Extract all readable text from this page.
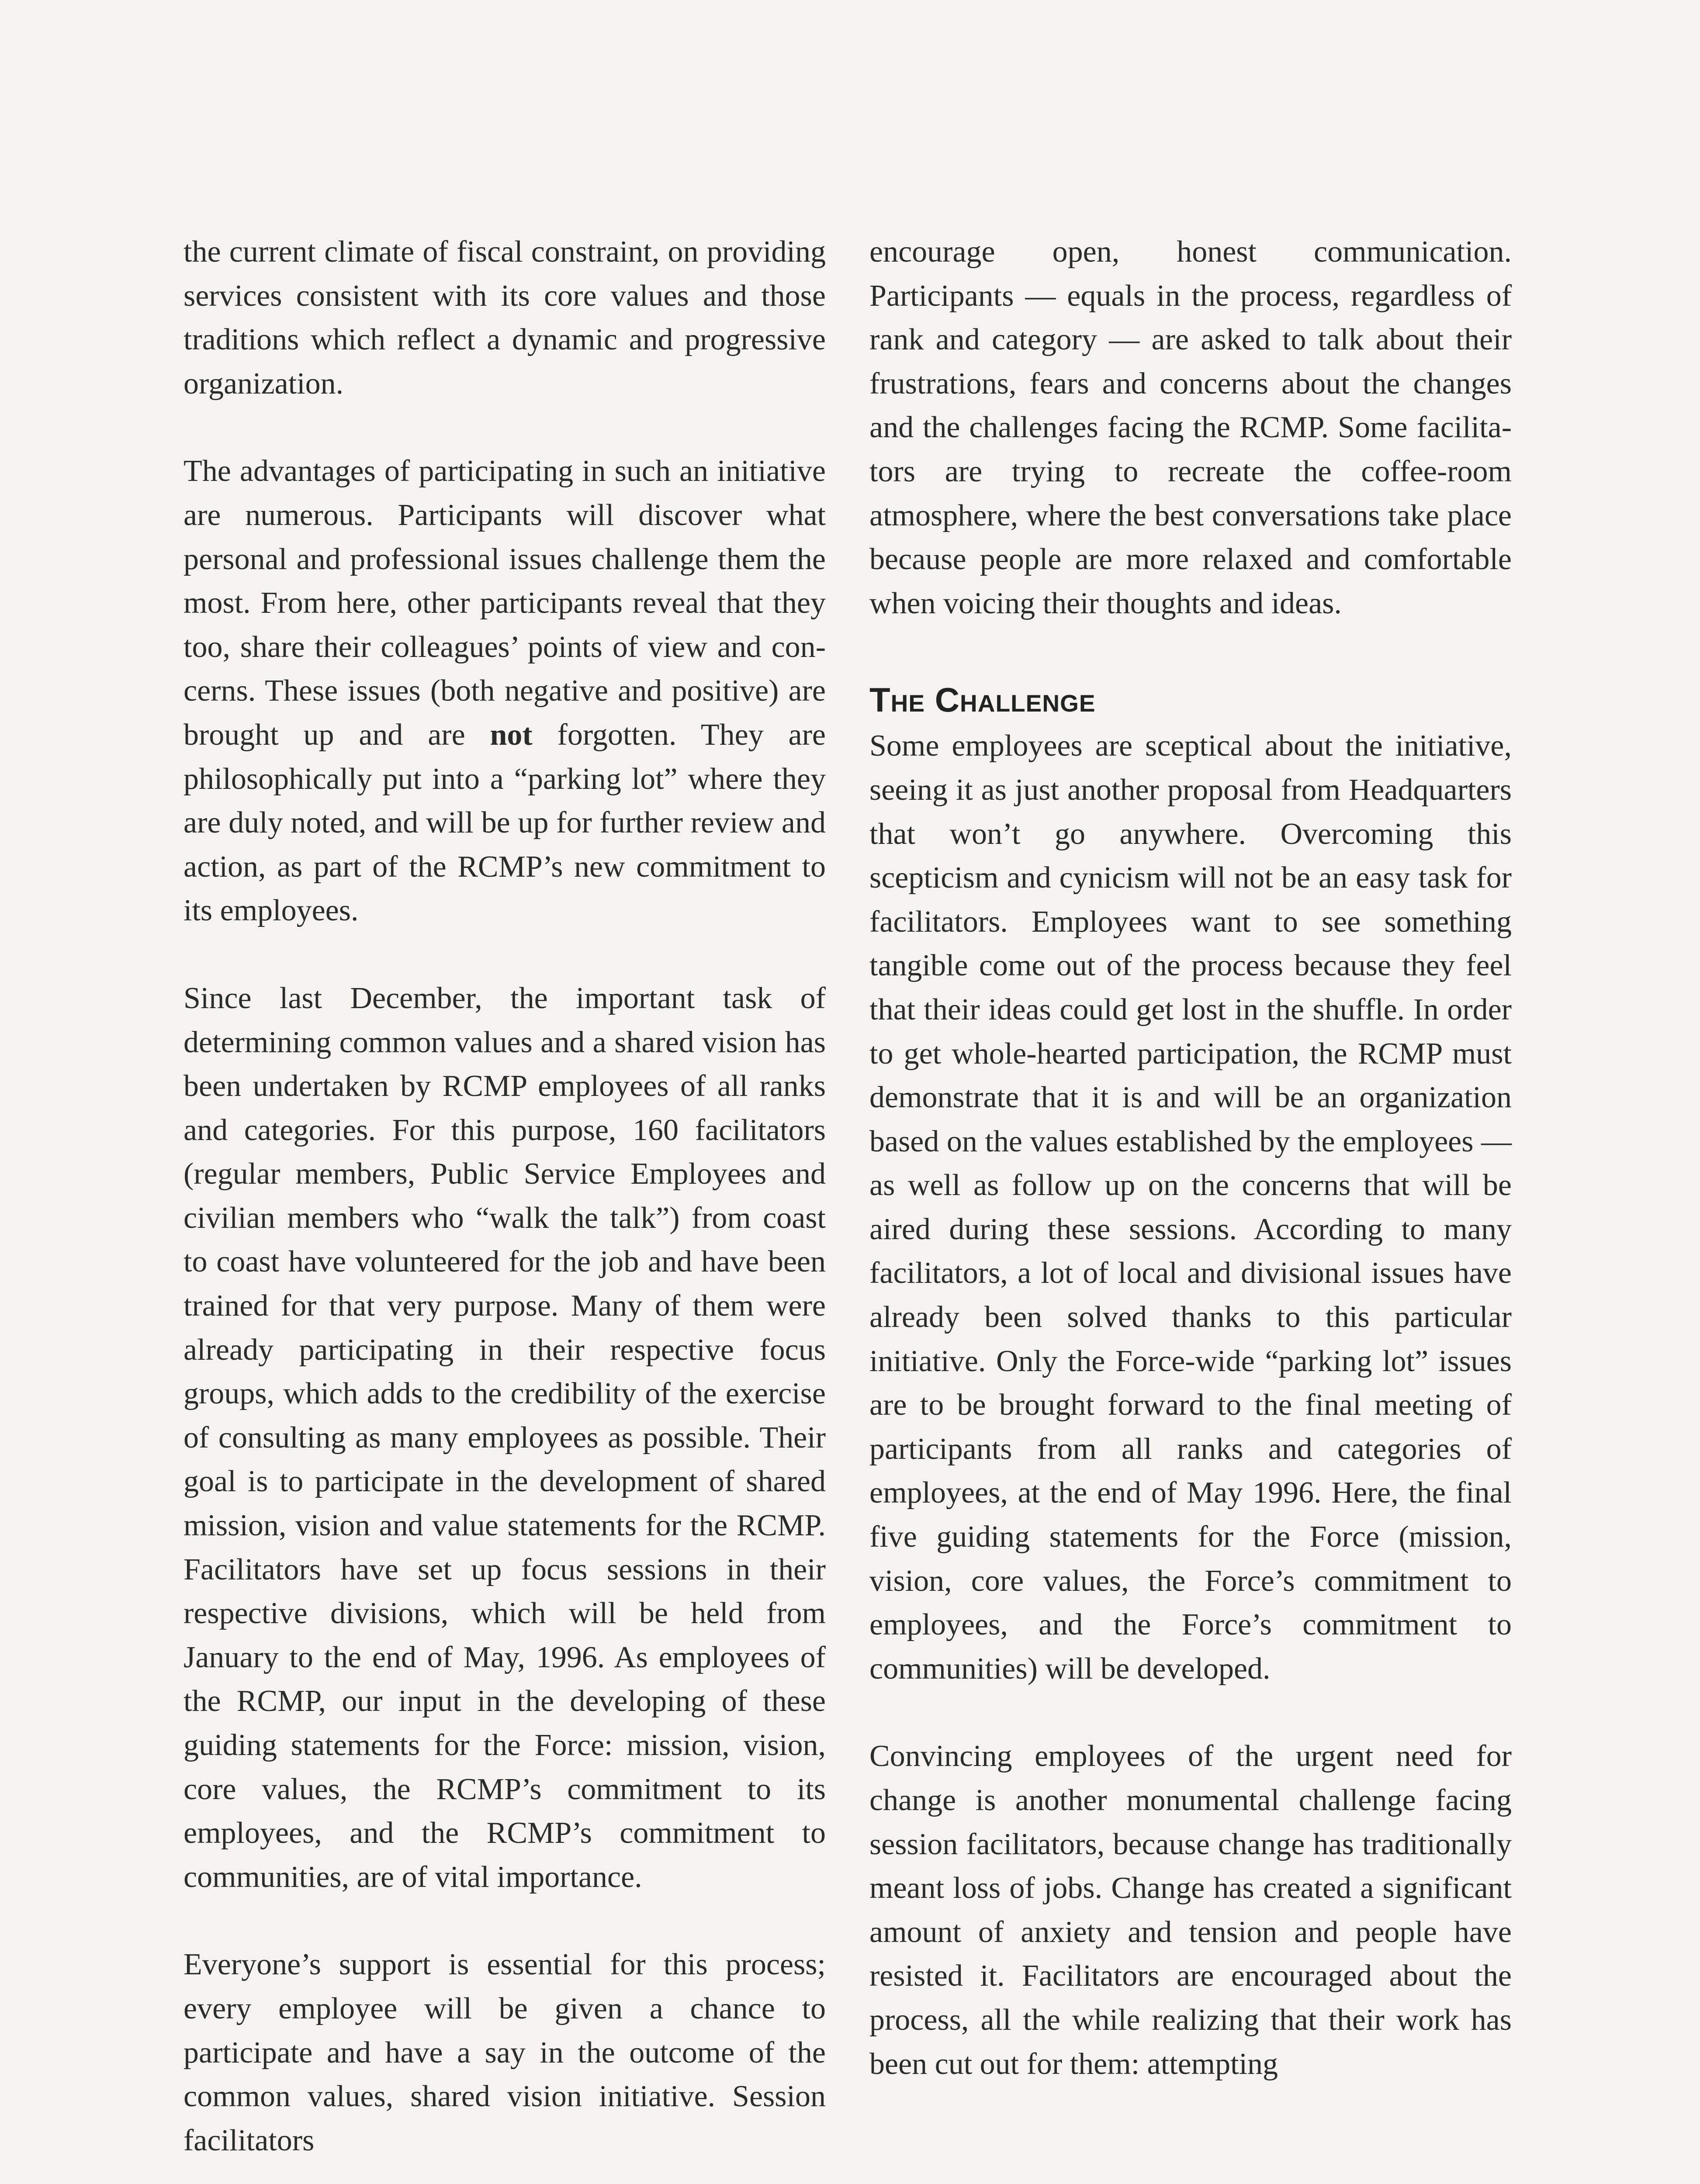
the current climate of fiscal constraint, on providing services consistent with its core values and those traditions which reflect a dynamic and progressive organization.

The advantages of participating in such an initiative are numerous. Participants will discover what personal and professional issues challenge them the most. From here, other participants reveal that they too, share their colleagues’ points of view and concerns. These issues (both negative and positive) are brought up and are not forgotten. They are philosophically put into a “parking lot” where they are duly noted, and will be up for further review and action, as part of the RCMP’s new commitment to its employees.

Since last December, the important task of determining common values and a shared vision has been undertaken by RCMP employees of all ranks and categories. For this purpose, 160 facilitators (regular members, Public Service Employees and civilian members who “walk the talk”) from coast to coast have volunteered for the job and have been trained for that very purpose. Many of them were already participating in their respective focus groups, which adds to the credibility of the exercise of consulting as many employees as possible. Their goal is to participate in the development of shared mission, vision and value statements for the RCMP. Facilitators have set up focus sessions in their respective divisions, which will be held from January to the end of May, 1996. As employees of the RCMP, our input in the developing of these guiding statements for the Force: mission, vision, core values, the RCMP’s commitment to its employees, and the RCMP’s commitment to communities, are of vital importance.

Everyone’s support is essential for this process; every employee will be given a chance to participate and have a say in the outcome of the common values, shared vision initiative. Session facilitators

encourage open, honest communication. Participants — equals in the process, regardless of rank and category — are asked to talk about their frustrations, fears and concerns about the changes and the challenges facing the RCMP. Some facilitators are trying to recreate the coffee-room atmosphere, where the best conversations take place because people are more relaxed and comfortable when voicing their thoughts and ideas.

The Challenge

Some employees are sceptical about the initiative, seeing it as just another proposal from Headquarters that won’t go anywhere. Overcoming this scepticism and cynicism will not be an easy task for facilitators. Employees want to see something tangible come out of the process because they feel that their ideas could get lost in the shuffle. In order to get whole-hearted participation, the RCMP must demonstrate that it is and will be an organization based on the values established by the employees — as well as follow up on the concerns that will be aired during these sessions. According to many facilitators, a lot of local and divisional issues have already been solved thanks to this particular initiative. Only the Force-wide “parking lot” issues are to be brought forward to the final meeting of participants from all ranks and categories of employees, at the end of May 1996. Here, the final five guiding statements for the Force (mission, vision, core values, the Force’s commitment to employees, and the Force’s commitment to communities) will be developed.

Convincing employees of the urgent need for change is another monumental challenge facing session facilitators, because change has traditionally meant loss of jobs. Change has created a significant amount of anxiety and tension and people have resisted it. Facilitators are encouraged about the process, all the while realizing that their work has been cut out for them: attempting
